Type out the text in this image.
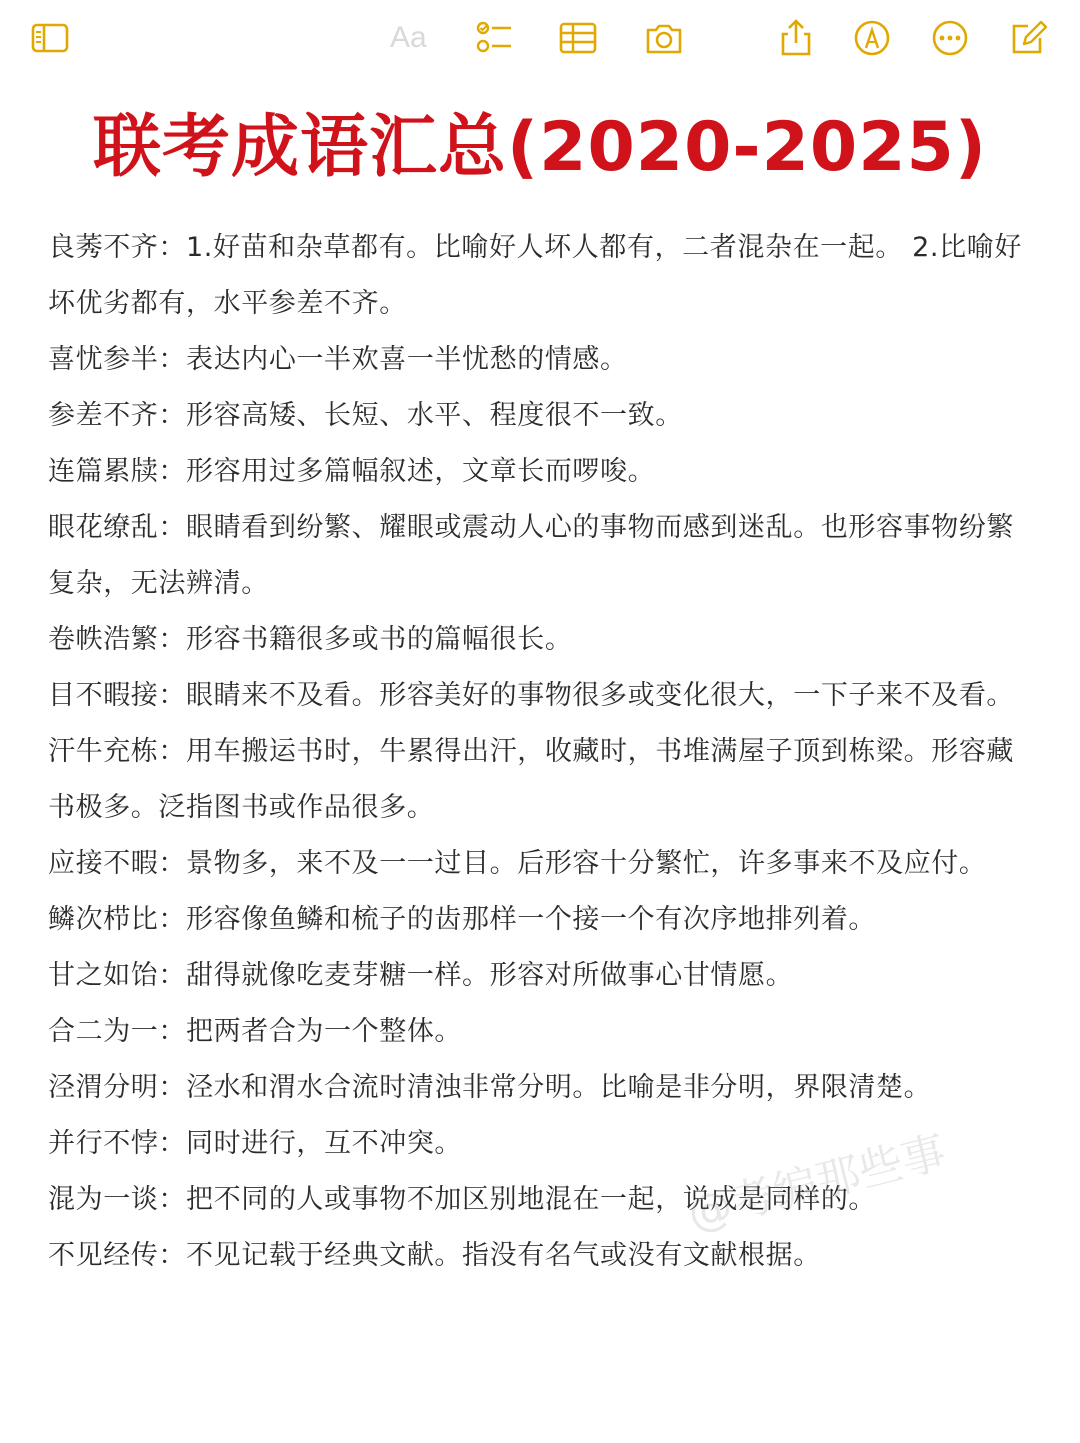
Aa
联考成语汇总(2020-2025)

良莠不齐：1.好苗和杂草都有。比喻好人坏人都有，二者混杂在一起。 2.比喻好坏优劣都有，水平参差不齐。

喜忧参半：表达内心一半欢喜一半忧愁的情感。

参差不齐：形容高矮、长短、水平、程度很不一致。

连篇累牍：形容用过多篇幅叙述，文章长而啰唆。

眼花缭乱：眼睛看到纷繁、耀眼或震动人心的事物而感到迷乱。也形容事物纷繁复杂，无法辨清。

卷帙浩繁：形容书籍很多或书的篇幅很长。

目不暇接：眼睛来不及看。形容美好的事物很多或变化很大，一下子来不及看。

汗牛充栋：用车搬运书时，牛累得出汗，收藏时，书堆满屋子顶到栋梁。形容藏书极多。泛指图书或作品很多。

应接不暇：景物多，来不及一一过目。后形容十分繁忙，许多事来不及应付。

鳞次栉比：形容像鱼鳞和梳子的齿那样一个接一个有次序地排列着。

甘之如饴：甜得就像吃麦芽糖一样。形容对所做事心甘情愿。

合二为一：把两者合为一个整体。

泾渭分明：泾水和渭水合流时清浊非常分明。比喻是非分明，界限清楚。

并行不悖：同时进行，互不冲突。

混为一谈：把不同的人或事物不加区别地混在一起，说成是同样的。

不见经传：不见记载于经典文献。指没有名气或没有文献根据。

@考编那些事
